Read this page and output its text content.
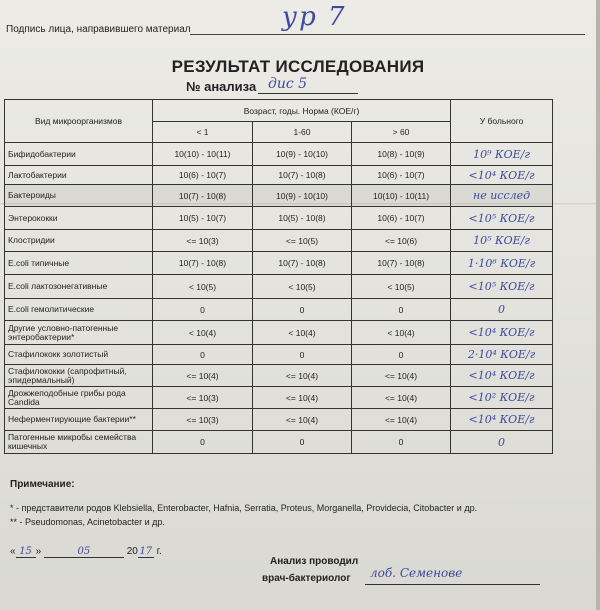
Подпись лица, направившего материал	ур 7
РЕЗУЛЬТАТ ИССЛЕДОВАНИЯ
№ анализа дис 5
Вид микроорганизмов	Возраст, годы. Норма (КОЕ/г)			У больного
	< 1	1-60	> 60	
Бифидобактерии	10(10) - 10(11)	10(9) - 10(10)	10(8) - 10(9)	10⁹ КОЕ/г
Лактобактерии	10(6) - 10(7)	10(7) - 10(8)	10(6) - 10(7)	<10⁴ КОЕ/г
Бактероиды	10(7) - 10(8)	10(9) - 10(10)	10(10) - 10(11)	не исслед
Энтерококки	10(5) - 10(7)	10(5) - 10(8)	10(6) - 10(7)	<10⁵ КОЕ/г
Клостридии	<= 10(3)	<= 10(5)	<= 10(6)	10⁵ КОЕ/г
E.coli типичные	10(7) - 10(8)	10(7) - 10(8)	10(7) - 10(8)	1·10⁶ КОЕ/г
E.coli лактозонегативные	< 10(5)	< 10(5)	< 10(5)	<10⁵ КОЕ/г
E.coli гемолитические	0	0	0	0
Другие условно-патогенные энтеробактерии*	< 10(4)	< 10(4)	< 10(4)	<10⁴ КОЕ/г
Стафилококк золотистый	0	0	0	2·10⁴ КОЕ/г
Стафилококки (сапрофитный, эпидермальный)	<= 10(4)	<= 10(4)	<= 10(4)	<10⁴ КОЕ/г
Дрожжеподобные грибы рода Candida	<= 10(3)	<= 10(4)	<= 10(4)	<10² КОЕ/г
Неферментирующие бактерии**	<= 10(3)	<= 10(4)	<= 10(4)	<10⁴ КОЕ/г
Патогенные микробы семейства кишечных	0	0	0	0
Примечание:
* - представители родов Klebsiella, Enterobacter, Hafnia, Serratia, Proteus, Morganella, Providecia, Citobacter и др.
** - Pseudomonas, Acinetobacter и др.
« 15 »	05	20 17 г.
Анализ проводил
врач-бактериолог лоб. Семенове
